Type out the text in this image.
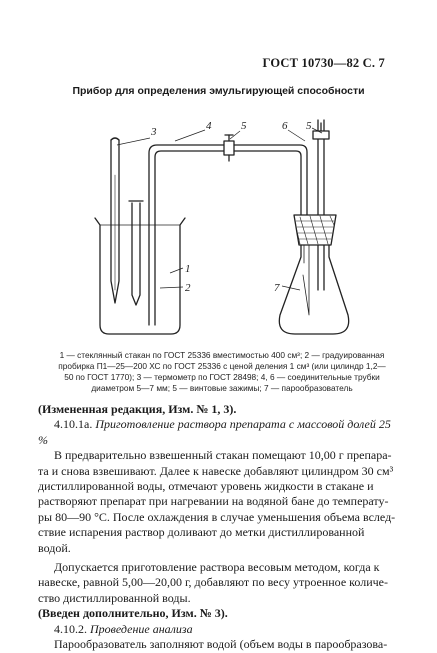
ГОСТ 10730—82 С. 7
Прибор для определения эмульгирующей способности
3	4	5	6 5
1
2	7
1 — стеклянный стакан по ГОСТ 25336 вместимостью 400 см³; 2 — градуированная
пробирка П1—25—200 ХС по ГОСТ 25336 с ценой деления 1 см³ (или цилиндр 1,2—
50 по ГОСТ 1770); 3 — термометр по ГОСТ 28498; 4, 6 — соединительные трубки
диаметром 5—7 мм; 5 — винтовые зажимы; 7 — парообразователь

(Измененная редакция, Изм. № 1, 3).

4.10.1а. Приготовление раствора препарата с массовой долей 25 %

В предварительно взвешенный стакан помещают 10,00 г препара-
та и снова взвешивают. Далее к навеске добавляют цилиндром 30 см³
дистиллированной воды, отмечают уровень жидкости в стакане и
растворяют препарат при нагревании на водяной бане до температу-
ры 80—90 °С. После охлаждения в случае уменьшения объема вслед-
ствие испарения раствор доливают до метки дистиллированной
водой.

Допускается приготовление раствора весовым методом, когда к
навеске, равной 5,00—20,00 г, добавляют по весу утроенное количе-
ство дистиллированной воды.

(Введен дополнительно, Изм. № 3).

4.10.2. Проведение анализа

Парообразователь заполняют водой (объем воды в парообразова-
